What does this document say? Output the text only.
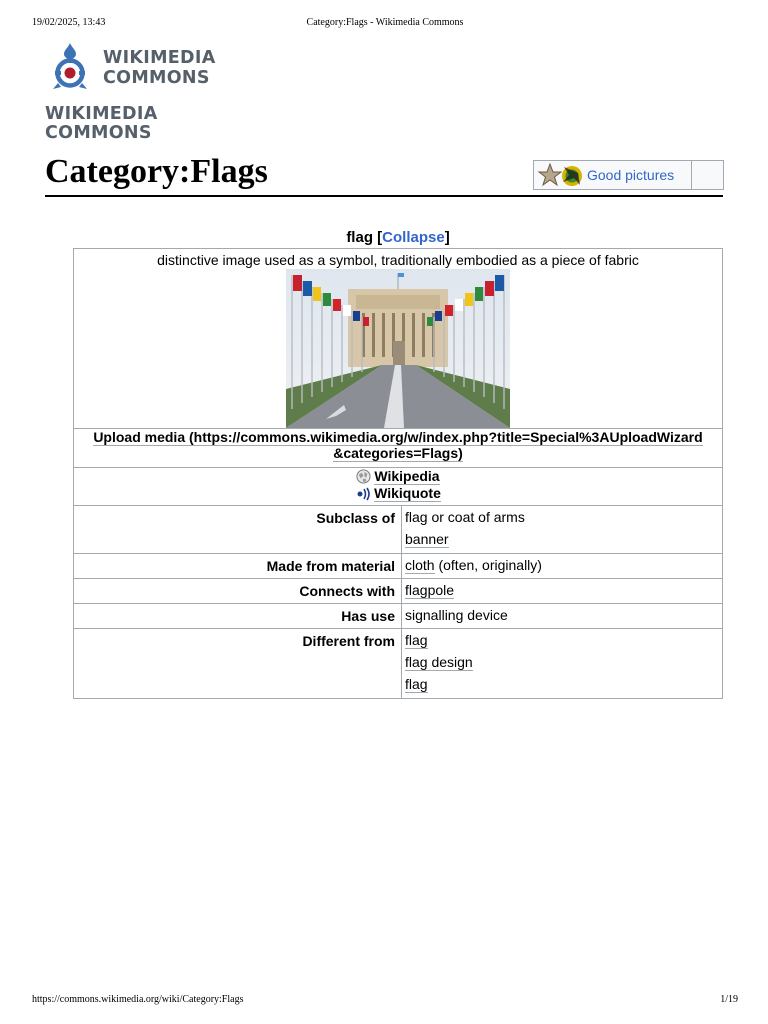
19/02/2025, 13:43	Category:Flags - Wikimedia Commons
WIKIMEDIA
COMMONS
WIKIMEDIA
COMMONS
Category:Flags	Good pictures
flag [Collapse]
distinctive image used as a symbol, traditionally embodied as a piece of fabric	

Upload media (https://commons.wikimedia.org/w/index.php?title=Special%3AUploadWizard
&categories=Flags)	

Wikipedia
Wikiquote	

Subclass of	flag or coat of arms
banner

Made from material	cloth (often, originally)

Connects with	flagpole

Has use	signalling device

Different from	flag
flag design
flag
https://commons.wikimedia.org/wiki/Category:Flags	1/19
